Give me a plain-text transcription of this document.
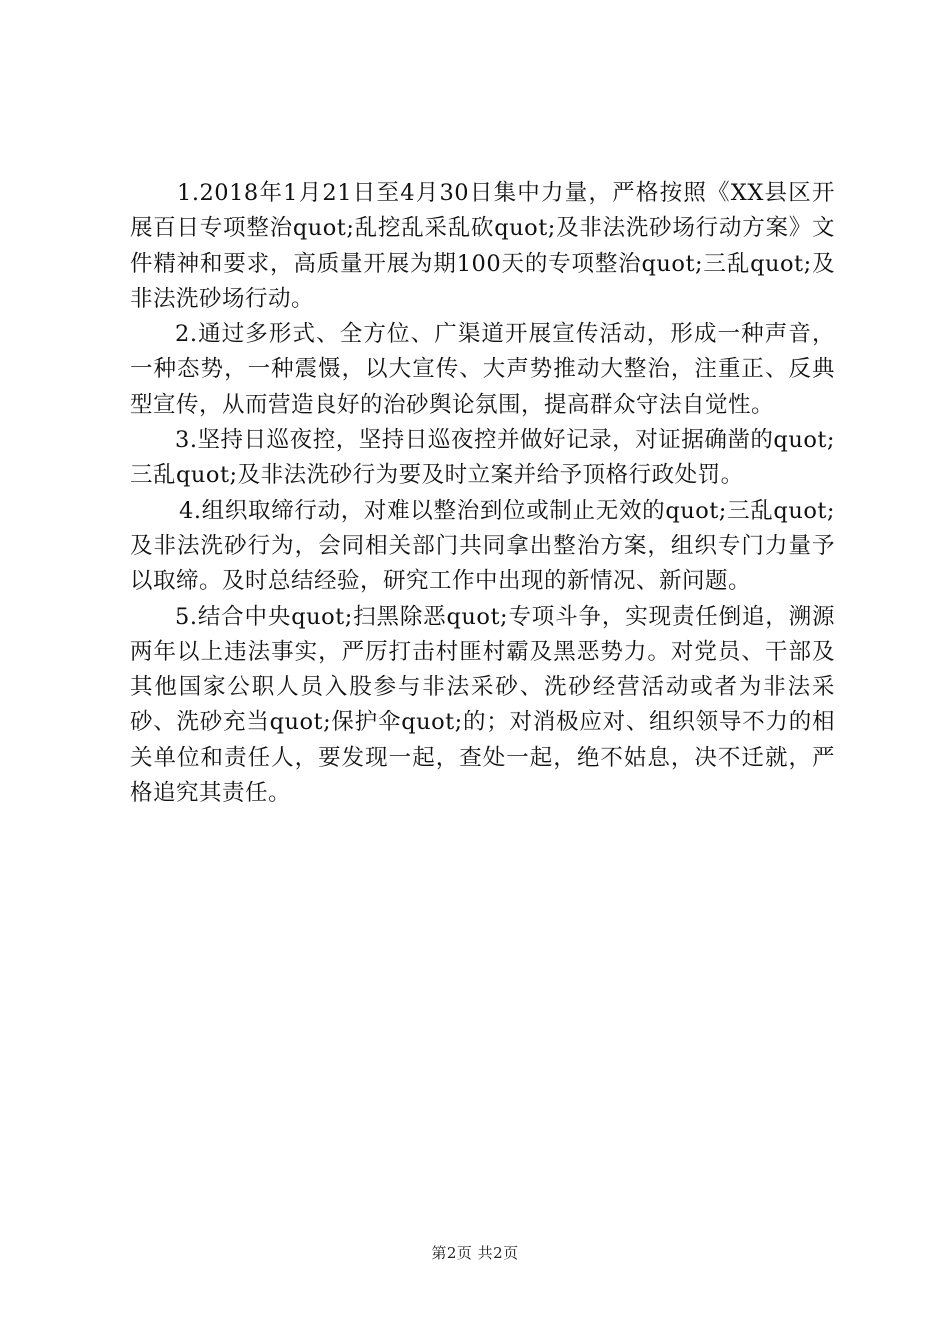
1.2018年1月21日至4月30日集中力量，严格按照《XX县区开展百日专项整治quot;乱挖乱采乱砍quot;及非法洗砂场行动方案》文件精神和要求，高质量开展为期100天的专项整治quot;三乱quot;及非法洗砂场行动。

2.通过多形式、全方位、广渠道开展宣传活动，形成一种声音，一种态势，一种震慑，以大宣传、大声势推动大整治，注重正、反典型宣传，从而营造良好的治砂舆论氛围，提高群众守法自觉性。

3.坚持日巡夜控，坚持日巡夜控并做好记录，对证据确凿的quot;三乱quot;及非法洗砂行为要及时立案并给予顶格行政处罚。

4.组织取缔行动，对难以整治到位或制止无效的quot;三乱quot;及非法洗砂行为，会同相关部门共同拿出整治方案，组织专门力量予以取缔。及时总结经验，研究工作中出现的新情况、新问题。

5.结合中央quot;扫黑除恶quot;专项斗争，实现责任倒追，溯源两年以上违法事实，严厉打击村匪村霸及黑恶势力。对党员、干部及其他国家公职人员入股参与非法采砂、洗砂经营活动或者为非法采砂、洗砂充当quot;保护伞quot;的；对消极应对、组织领导不力的相关单位和责任人，要发现一起，查处一起，绝不姑息，决不迁就，严格追究其责任。

第2页 共2页
